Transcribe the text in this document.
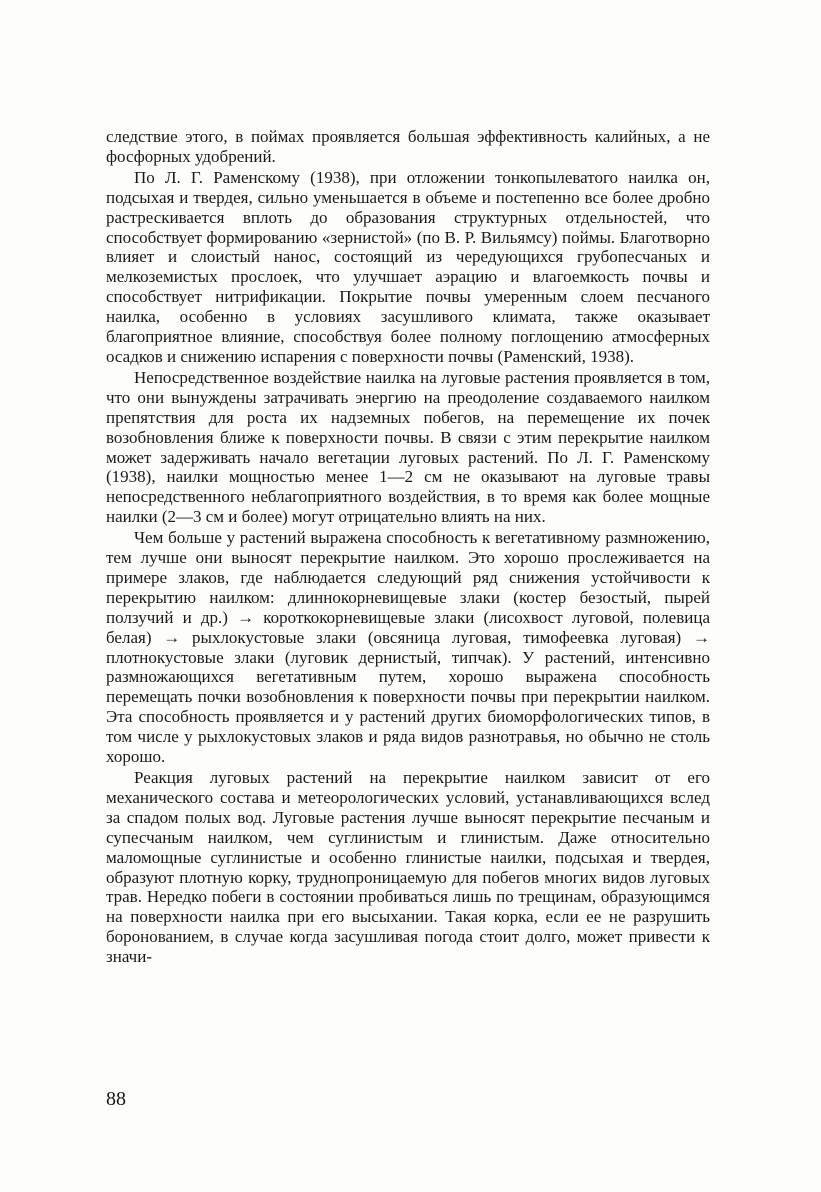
следствие этого, в поймах проявляется большая эффективность калийных, а не фосфорных удобрений.

По Л. Г. Раменскому (1938), при отложении тонкопылеватого наилка он, подсыхая и твердея, сильно уменьшается в объеме и постепенно все более дробно растрескивается вплоть до образования структурных отдельностей, что способствует формированию «зернистой» (по В. Р. Вильямсу) поймы. Благотворно влияет и слоистый нанос, состоящий из чередующихся грубопесчаных и мелкоземистых прослоек, что улучшает аэрацию и влагоемкость почвы и способствует нитрификации. Покрытие почвы умеренным слоем песчаного наилка, особенно в условиях засушливого климата, также оказывает благоприятное влияние, способствуя более полному поглощению атмосферных осадков и снижению испарения с поверхности почвы (Раменский, 1938).

Непосредственное воздействие наилка на луговые растения проявляется в том, что они вынуждены затрачивать энергию на преодоление создаваемого наилком препятствия для роста их надземных побегов, на перемещение их почек возобновления ближе к поверхности почвы. В связи с этим перекрытие наилком может задерживать начало вегетации луговых растений. По Л. Г. Раменскому (1938), наилки мощностью менее 1—2 см не оказывают на луговые травы непосредственного неблагоприятного воздействия, в то время как более мощные наилки (2—3 см и более) могут отрицательно влиять на них.

Чем больше у растений выражена способность к вегетативному размножению, тем лучше они выносят перекрытие наилком. Это хорошо прослеживается на примере злаков, где наблюдается следующий ряд снижения устойчивости к перекрытию наилком: длиннокорневищевые злаки (костер безостый, пырей ползучий и др.) → короткокорневищевые злаки (лисохвост луговой, полевица белая) → рыхлокустовые злаки (овсяница луговая, тимофеевка луговая) → плотнокустовые злаки (луговик дернистый, типчак). У растений, интенсивно размножающихся вегетативным путем, хорошо выражена способность перемещать почки возобновления к поверхности почвы при перекрытии наилком. Эта способность проявляется и у растений других биоморфологических типов, в том числе у рыхлокустовых злаков и ряда видов разнотравья, но обычно не столь хорошо.

Реакция луговых растений на перекрытие наилком зависит от его механического состава и метеорологических условий, устанавливающихся вслед за спадом полых вод. Луговые растения лучше выносят перекрытие песчаным и супесчаным наилком, чем суглинистым и глинистым. Даже относительно маломощные суглинистые и особенно глинистые наилки, подсыхая и твердея, образуют плотную корку, труднопроницаемую для побегов многих видов луговых трав. Нередко побеги в состоянии пробиваться лишь по трещинам, образующимся на поверхности наилка при его высыхании. Такая корка, если ее не разрушить боронованием, в случае когда засушливая погода стоит долго, может привести к значи-

88
